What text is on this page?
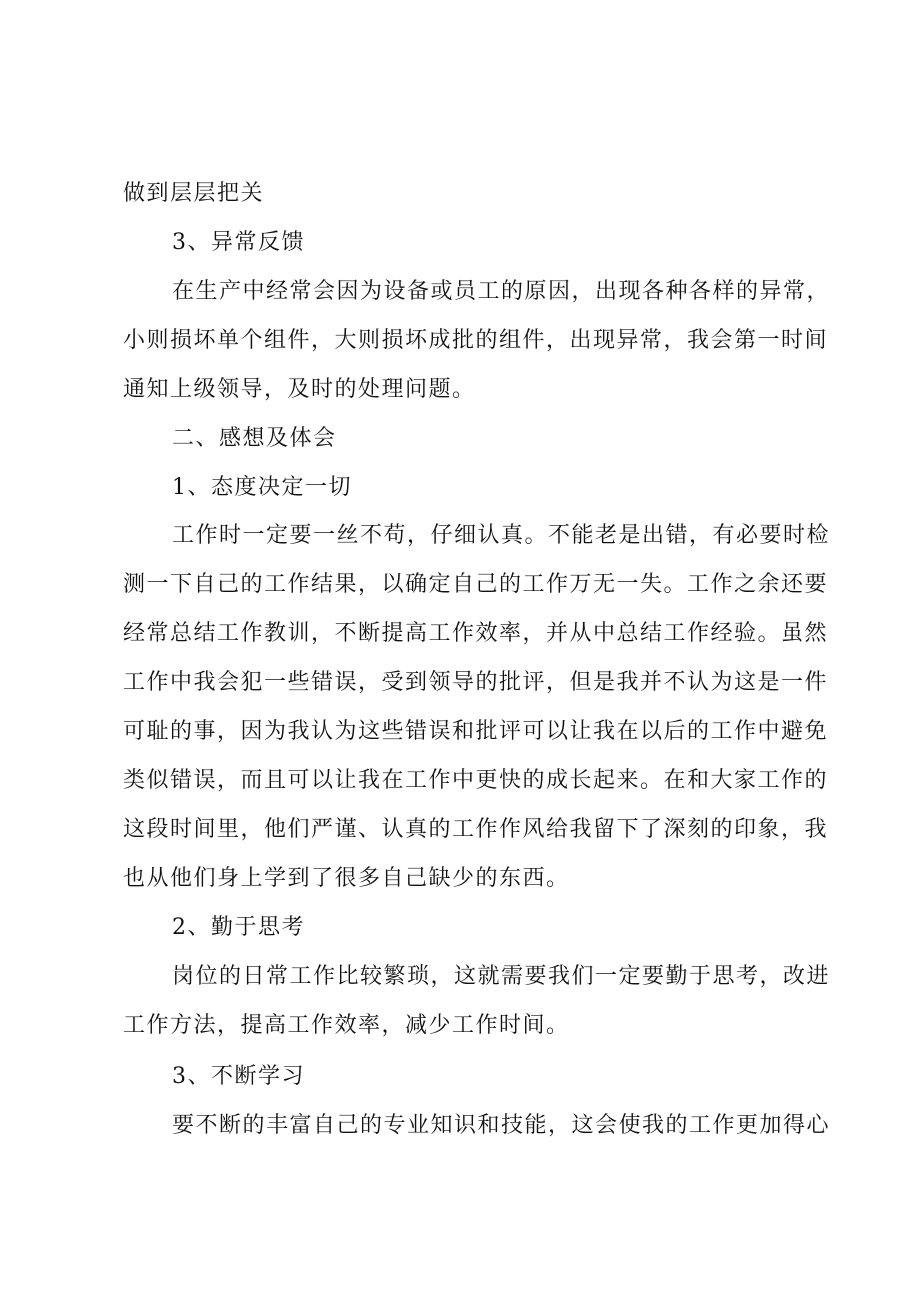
做到层层把关
3、异常反馈
在生产中经常会因为设备或员工的原因，出现各种各样的异常，
小则损坏单个组件，大则损坏成批的组件，出现异常，我会第一时间
通知上级领导，及时的处理问题。
二、感想及体会
1、态度决定一切
工作时一定要一丝不苟，仔细认真。不能老是出错，有必要时检
测一下自己的工作结果，以确定自己的工作万无一失。工作之余还要
经常总结工作教训，不断提高工作效率，并从中总结工作经验。虽然
工作中我会犯一些错误，受到领导的批评，但是我并不认为这是一件
可耻的事，因为我认为这些错误和批评可以让我在以后的工作中避免
类似错误，而且可以让我在工作中更快的成长起来。在和大家工作的
这段时间里，他们严谨、认真的工作作风给我留下了深刻的印象，我
也从他们身上学到了很多自己缺少的东西。
2、勤于思考
岗位的日常工作比较繁琐，这就需要我们一定要勤于思考，改进
工作方法，提高工作效率，减少工作时间。
3、不断学习
要不断的丰富自己的专业知识和技能，这会使我的工作更加得心
